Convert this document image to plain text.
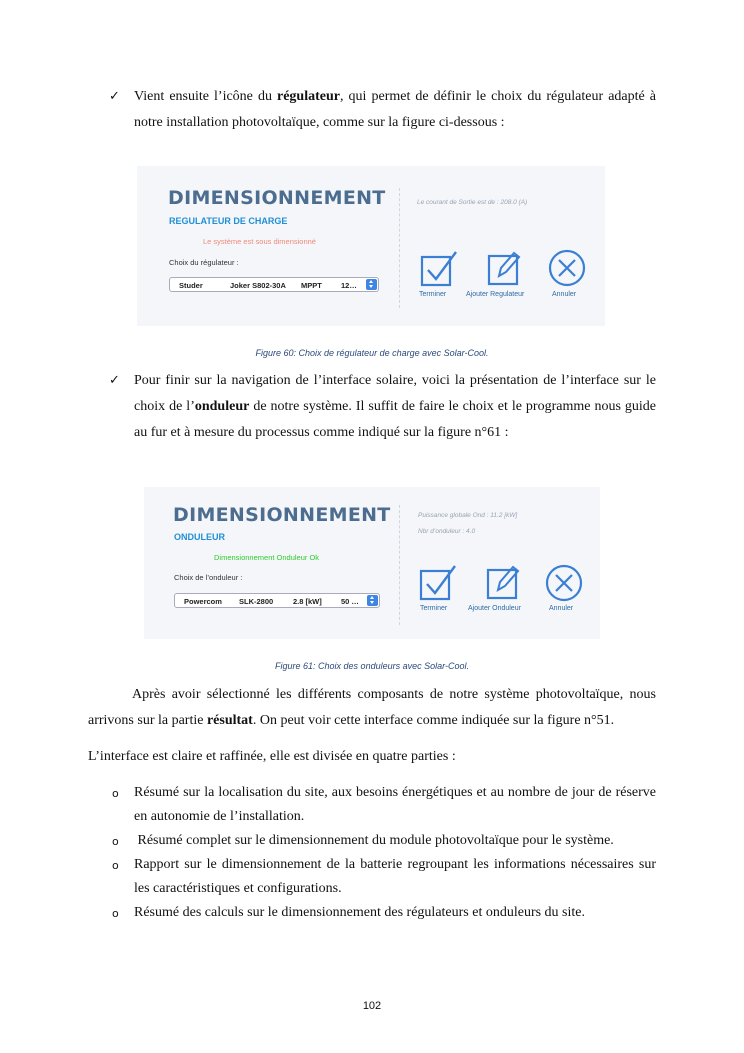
✓ Vient ensuite l’icône du régulateur, qui permet de définir le choix du régulateur adapté à notre installation photovoltaïque, comme sur la figure ci-dessous :
DIMENSIONNEMENT
REGULATEUR DE CHARGE
Le système est sous dimensionné
Choix du régulateur :
Studer	Joker S802-30A MPPT	12…
Le courant de Sortie est de : 208.0 (A)
Terminer	Ajouter Regulateur	Annuler
Figure 60: Choix de régulateur de charge avec Solar-Cool.
✓ Pour finir sur la navigation de l’interface solaire, voici la présentation de l’interface sur le choix de l’onduleur de notre système. Il suffit de faire le choix et le programme nous guide au fur et à mesure du processus comme indiqué sur la figure n°61 :
DIMENSIONNEMENT
ONDULEUR
Dimensionnement Onduleur Ok
Choix de l’onduleur :
Powercom SLK-2800	2.8 [kW]	50 …
Puissance globale Ond : 11.2 [kW]
Nbr d’onduleur : 4.0
Terminer	Ajouter Onduleur	Annuler
Figure 61: Choix des onduleurs avec Solar-Cool.
Après avoir sélectionné les différents composants de notre système photovoltaïque, nous arrivons sur la partie résultat. On peut voir cette interface comme indiquée sur la figure n°51.
L’interface est claire et raffinée, elle est divisée en quatre parties :
o Résumé sur la localisation du site, aux besoins énergétiques et au nombre de jour de réserve en autonomie de l’installation.
o Résumé complet sur le dimensionnement du module photovoltaïque pour le système.
o Rapport sur le dimensionnement de la batterie regroupant les informations nécessaires sur les caractéristiques et configurations.
o Résumé des calculs sur le dimensionnement des régulateurs et onduleurs du site.
102
